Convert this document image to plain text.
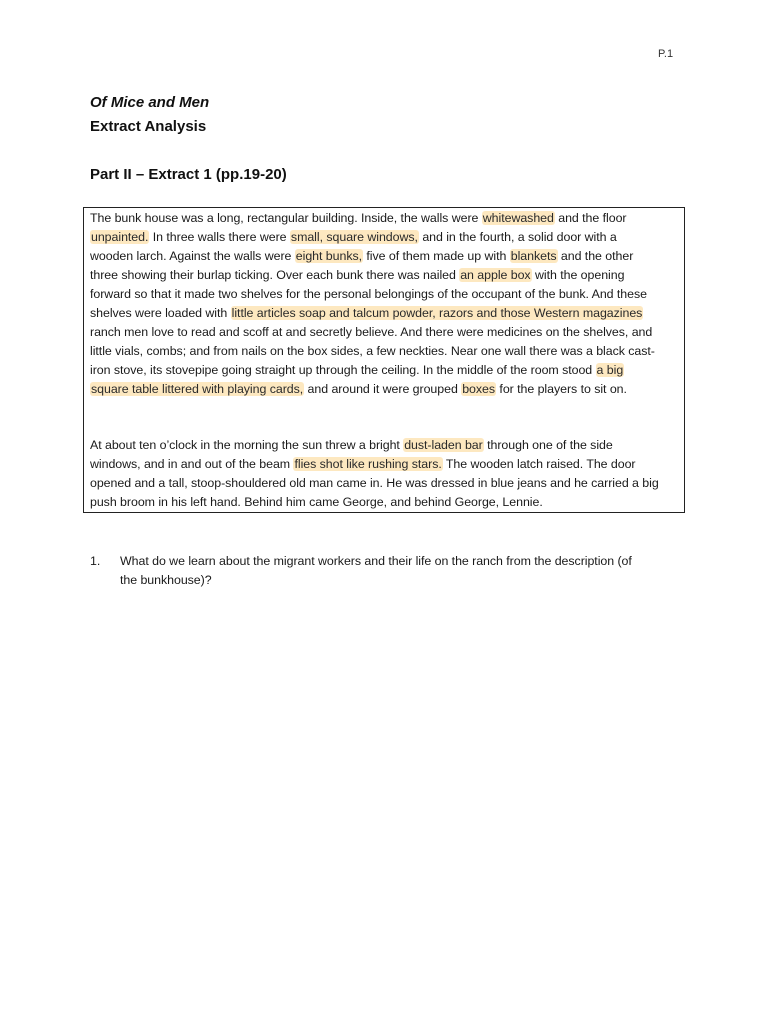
P.1
Of Mice and Men
Extract Analysis
Part II – Extract 1 (pp.19-20)
The bunk house was a long, rectangular building. Inside, the walls were whitewashed and the floor
unpainted. In three walls there were small, square windows, and in the fourth, a solid door with a
wooden larch. Against the walls were eight bunks, five of them made up with blankets and the other
three showing their burlap ticking. Over each bunk there was nailed an apple box with the opening
forward so that it made two shelves for the personal belongings of the occupant of the bunk. And these
shelves were loaded with little articles soap and talcum powder, razors and those Western magazines
ranch men love to read and scoff at and secretly believe. And there were medicines on the shelves, and
little vials, combs; and from nails on the box sides, a few neckties. Near one wall there was a black cast-
iron stove, its stovepipe going straight up through the ceiling. In the middle of the room stood a big
square table littered with playing cards, and around it were grouped boxes for the players to sit on.
At about ten o’clock in the morning the sun threw a bright dust-laden bar through one of the side
windows, and in and out of the beam flies shot like rushing stars. The wooden latch raised. The door
opened and a tall, stoop-shouldered old man came in. He was dressed in blue jeans and he carried a big
push broom in his left hand. Behind him came George, and behind George, Lennie.
1. What do we learn about the migrant workers and their life on the ranch from the description (of
the bunkhouse)?
